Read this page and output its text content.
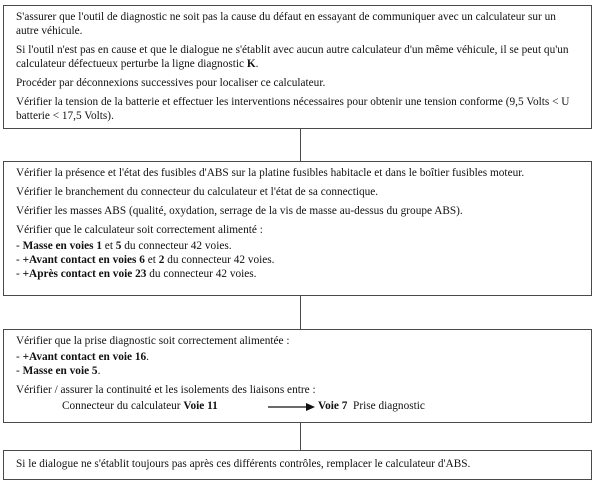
S'assurer que l'outil de diagnostic ne soit pas la cause du défaut en essayant de communiquer avec un calculateur sur un autre véhicule.

Si l'outil n'est pas en cause et que le dialogue ne s'établit avec aucun autre calculateur d'un même véhicule, il se peut qu'un calculateur défectueux perturbe la ligne diagnostic K.

Procéder par déconnexions successives pour localiser ce calculateur.

Vérifier la tension de la batterie et effectuer les interventions nécessaires pour obtenir une tension conforme (9,5 Volts < U batterie < 17,5 Volts).

Vérifier la présence et l'état des fusibles d'ABS sur la platine fusibles habitacle et dans le boîtier fusibles moteur.

Vérifier le branchement du connecteur du calculateur et l'état de sa connectique.

Vérifier les masses ABS (qualité, oxydation, serrage de la vis de masse au-dessus du groupe ABS).

Vérifier que le calculateur soit correctement alimenté :

- Masse en voies 1 et 5 du connecteur 42 voies.
- +Avant contact en voies 6 et 2 du connecteur 42 voies.
- +Après contact en voie 23 du connecteur 42 voies.

Vérifier que la prise diagnostic soit correctement alimentée :

- +Avant contact en voie 16.
- Masse en voie 5.

Vérifier / assurer la continuité et les isolements des liaisons entre :

Connecteur du calculateur Voie 11	Voie 7  Prise diagnostic

Si le dialogue ne s'établit toujours pas après ces différents contrôles, remplacer le calculateur d'ABS.
